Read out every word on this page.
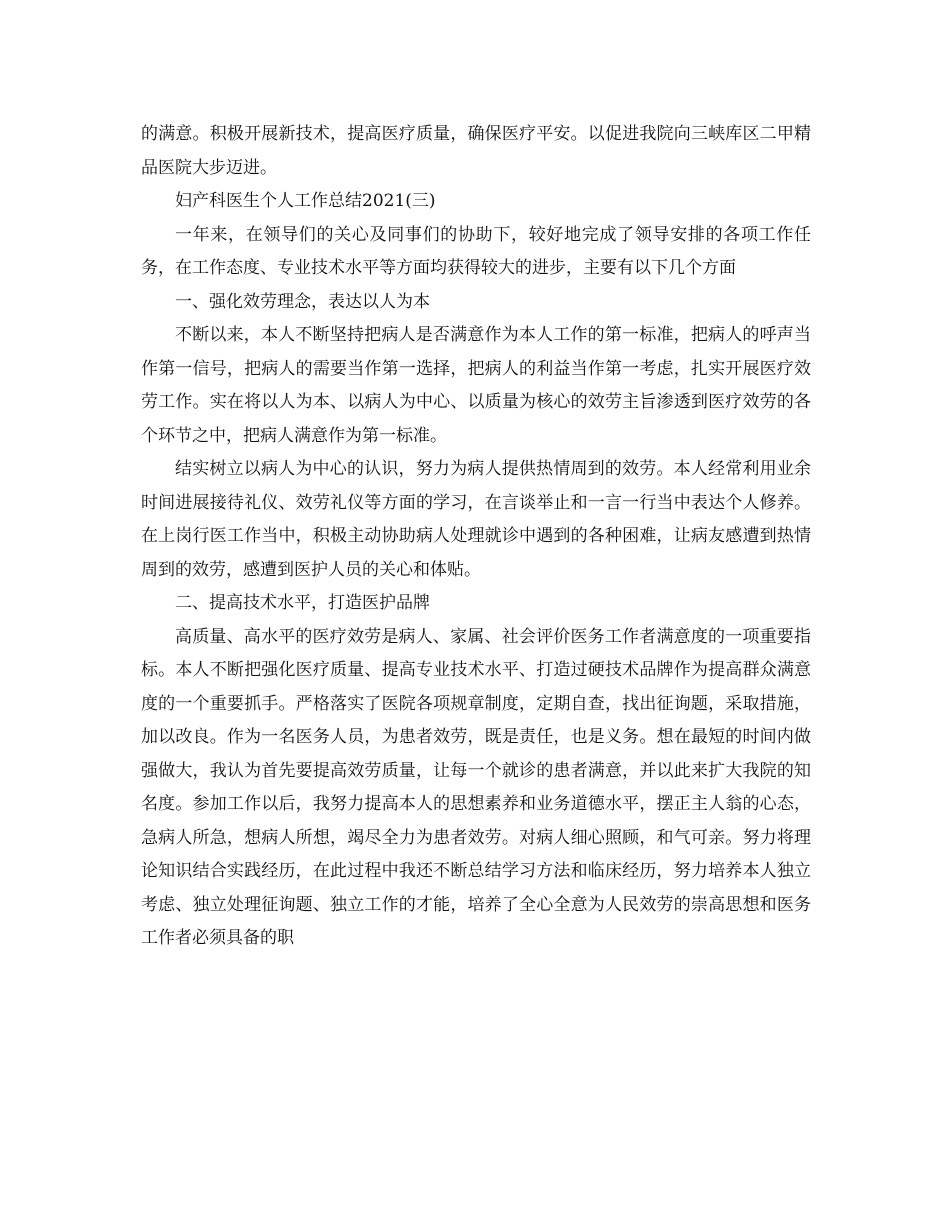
的满意。积极开展新技术，提高医疗质量，确保医疗平安。以促进我院向三峡库区二甲精品医院大步迈进。

妇产科医生个人工作总结2021(三)

一年来，在领导们的关心及同事们的协助下，较好地完成了领导安排的各项工作任务，在工作态度、专业技术水平等方面均获得较大的进步，主要有以下几个方面

一、强化效劳理念，表达以人为本

不断以来，本人不断坚持把病人是否满意作为本人工作的第一标准，把病人的呼声当作第一信号，把病人的需要当作第一选择，把病人的利益当作第一考虑，扎实开展医疗效劳工作。实在将以人为本、以病人为中心、以质量为核心的效劳主旨渗透到医疗效劳的各个环节之中，把病人满意作为第一标准。

结实树立以病人为中心的认识，努力为病人提供热情周到的效劳。本人经常利用业余时间进展接待礼仪、效劳礼仪等方面的学习，在言谈举止和一言一行当中表达个人修养。在上岗行医工作当中，积极主动协助病人处理就诊中遇到的各种困难，让病友感遭到热情周到的效劳，感遭到医护人员的关心和体贴。

二、提高技术水平，打造医护品牌

高质量、高水平的医疗效劳是病人、家属、社会评价医务工作者满意度的一项重要指标。本人不断把强化医疗质量、提高专业技术水平、打造过硬技术品牌作为提高群众满意度的一个重要抓手。严格落实了医院各项规章制度，定期自查，找出征询题，采取措施，加以改良。作为一名医务人员，为患者效劳，既是责任，也是义务。想在最短的时间内做强做大，我认为首先要提高效劳质量，让每一个就诊的患者满意，并以此来扩大我院的知名度。参加工作以后，我努力提高本人的思想素养和业务道德水平，摆正主人翁的心态，急病人所急，想病人所想，竭尽全力为患者效劳。对病人细心照顾，和气可亲。努力将理论知识结合实践经历，在此过程中我还不断总结学习方法和临床经历，努力培养本人独立考虑、独立处理征询题、独立工作的才能，培养了全心全意为人民效劳的崇高思想和医务工作者必须具备的职
